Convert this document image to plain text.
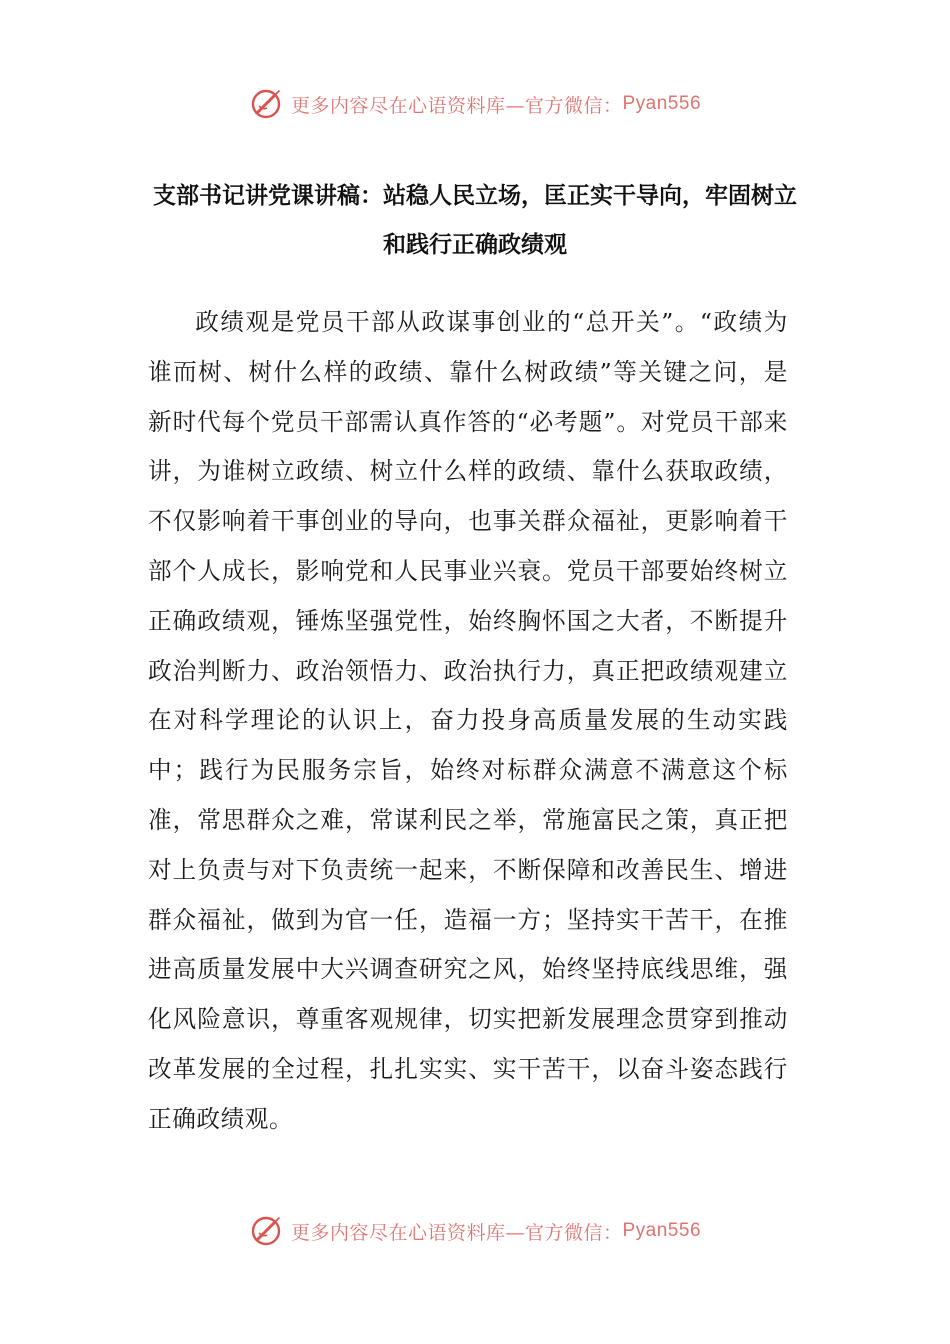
更多内容尽在心语资料库—官方微信： Pyan556
支部书记讲党课讲稿：站稳人民立场，匡正实干导向，牢固树立和践行正确政绩观

政绩观是党员干部从政谋事创业的“总开关”。“政绩为谁而树、树什么样的政绩、靠什么树政绩”等关键之问，是新时代每个党员干部需认真作答的“必考题”。对党员干部来讲，为谁树立政绩、树立什么样的政绩、靠什么获取政绩，不仅影响着干事创业的导向，也事关群众福祉，更影响着干部个人成长，影响党和人民事业兴衰。党员干部要始终树立正确政绩观，锤炼坚强党性，始终胸怀国之大者，不断提升政治判断力、政治领悟力、政治执行力，真正把政绩观建立在对科学理论的认识上，奋力投身高质量发展的生动实践中；践行为民服务宗旨，始终对标群众满意不满意这个标准，常思群众之难，常谋利民之举，常施富民之策，真正把对上负责与对下负责统一起来，不断保障和改善民生、增进群众福祉，做到为官一任，造福一方；坚持实干苦干，在推进高质量发展中大兴调查研究之风，始终坚持底线思维，强化风险意识，尊重客观规律，切实把新发展理念贯穿到推动改革发展的全过程，扎扎实实、实干苦干，以奋斗姿态践行正确政绩观。

更多内容尽在心语资料库—官方微信： Pyan556
